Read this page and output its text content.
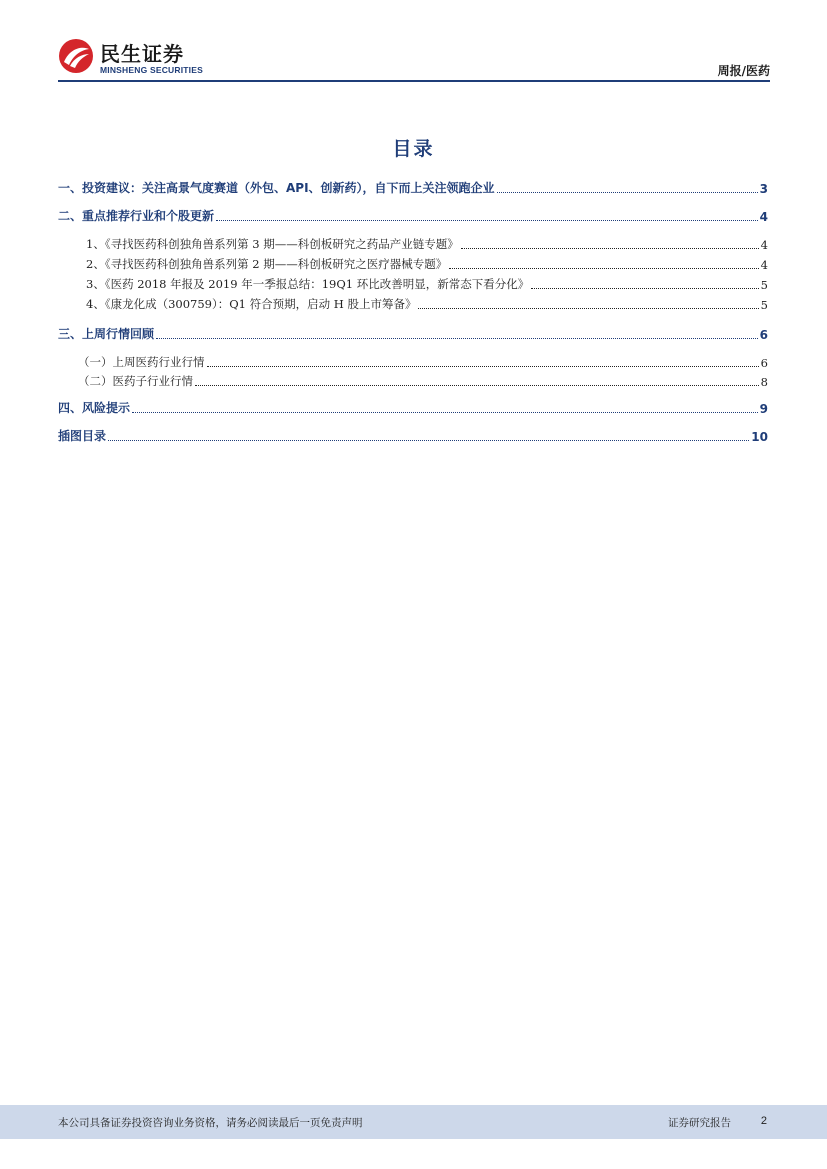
民生证券
MINSHENG SECURITIES	周报/医药
目录
一、投资建议：关注高景气度赛道（外包、API、创新药），自下而上关注领跑企业	3
二、重点推荐行业和个股更新	4
1、《寻找医药科创独角兽系列第 3 期——科创板研究之药品产业链专题》	4
2、《寻找医药科创独角兽系列第 2 期——科创板研究之医疗器械专题》	4
3、《医药 2018 年报及 2019 年一季报总结：19Q1 环比改善明显，新常态下看分化》	5
4、《康龙化成（300759）：Q1 符合预期，启动 H 股上市筹备》	5
三、上周行情回顾	6
（一）上周医药行业行情	6
（二）医药子行业行情	8
四、风险提示	9
插图目录	10
本公司具备证券投资咨询业务资格，请务必阅读最后一页免责声明	证券研究报告	2
